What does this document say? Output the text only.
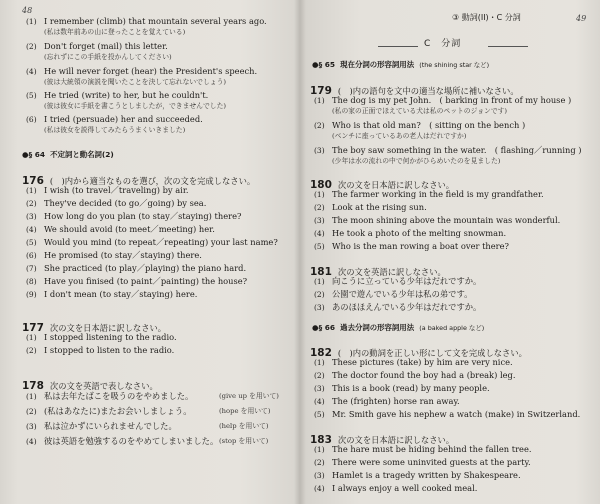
48
(1) I remember (climb) that mountain several years ago.
(私は数年前あの山に登ったことを覚えている)
(2) Don't forget (mail) this letter.
(忘れずにこの手紙を投かんしてください)
(4) He will never forget (hear) the President's speech.
(彼は大統領の演説を聞いたことを決して忘れないでしょう)
(5) He tried (write) to her, but he couldn't.
(彼は彼女に手紙を書こうとしましたが，できませんでした)
(6) I tried (persuade) her and succeeded.
(私は彼女を説得してみたらうまくいきました)
●§ 64 不定詞と動名詞(2)
176 (　)内から適当なものを選び，次の文を完成しなさい。
(1) I wish (to travel／traveling) by air.
(2) They've decided (to go／going) by sea.
(3) How long do you plan (to stay／staying) there?
(4) We should avoid (to meet／meeting) her.
(5) Would you mind (to repeat／repeating) your last name?
(6) He promised (to stay／staying) there.
(7) She practiced (to play／playing) the piano hard.
(8) Have you finised (to paint／painting) the house?
(9) I don't mean (to stay／staying) here.
177 次の文を日本語に訳しなさい。
(1) I stopped listening to the radio.
(2) I stopped to listen to the radio.
178 次の文を英語で表しなさい。
(1) 私は去年たばこを吸うのをやめました。	(give up を用いて)
(2) (私はあなたに)またお会いしましょう。	(hope を用いて)
(3) 私は泣かずにいられませんでした。	(help を用いて)
(4) 彼は英語を勉強するのをやめてしまいました。 (stop を用いて)
③ 動詞(II)・C 分詞	49
C　分詞
●§ 65 現在分詞の形容詞用法 (the shining star など)
179 (　)内の語句を文中の適当な場所に補いなさい。
(1) The dog is my pet John.　( barking in front of my house )
(私の家の正面でほえている犬は私のペットのジョンです)
(2) Who is that old man?　( sitting on the bench )
(ベンチに座っているあの老人はだれですか)
(3) The boy saw something in the water.　( flashing／running )
(少年は水の流れの中で何かがひらめいたのを見ました)
180 次の文を日本語に訳しなさい。
(1) The farmer working in the field is my grandfather.
(2) Look at the rising sun.
(3) The moon shining above the mountain was wonderful.
(4) He took a photo of the melting snowman.
(5) Who is the man rowing a boat over there?
181 次の文を英語に訳しなさい。
(1) 向こうに立っている少年はだれですか。
(2) 公園で遊んでいる少年は私の弟です。
(3) あのほほえんでいる少年はだれですか。
●§ 66 過去分詞の形容詞用法 (a baked apple など)
182 (　)内の動詞を正しい形にして文を完成しなさい。
(1) These pictures (take) by him are very nice.
(2) The doctor found the boy had a (break) leg.
(3) This is a book (read) by many people.
(4) The (frighten) horse ran away.
(5) Mr. Smith gave his nephew a watch (make) in Switzerland.
183 次の文を日本語に訳しなさい。
(1) The hare must be hiding behind the fallen tree.
(2) There were some uninvited guests at the party.
(3) Hamlet is a tragedy written by Shakespeare.
(4) I always enjoy a well cooked meal.
